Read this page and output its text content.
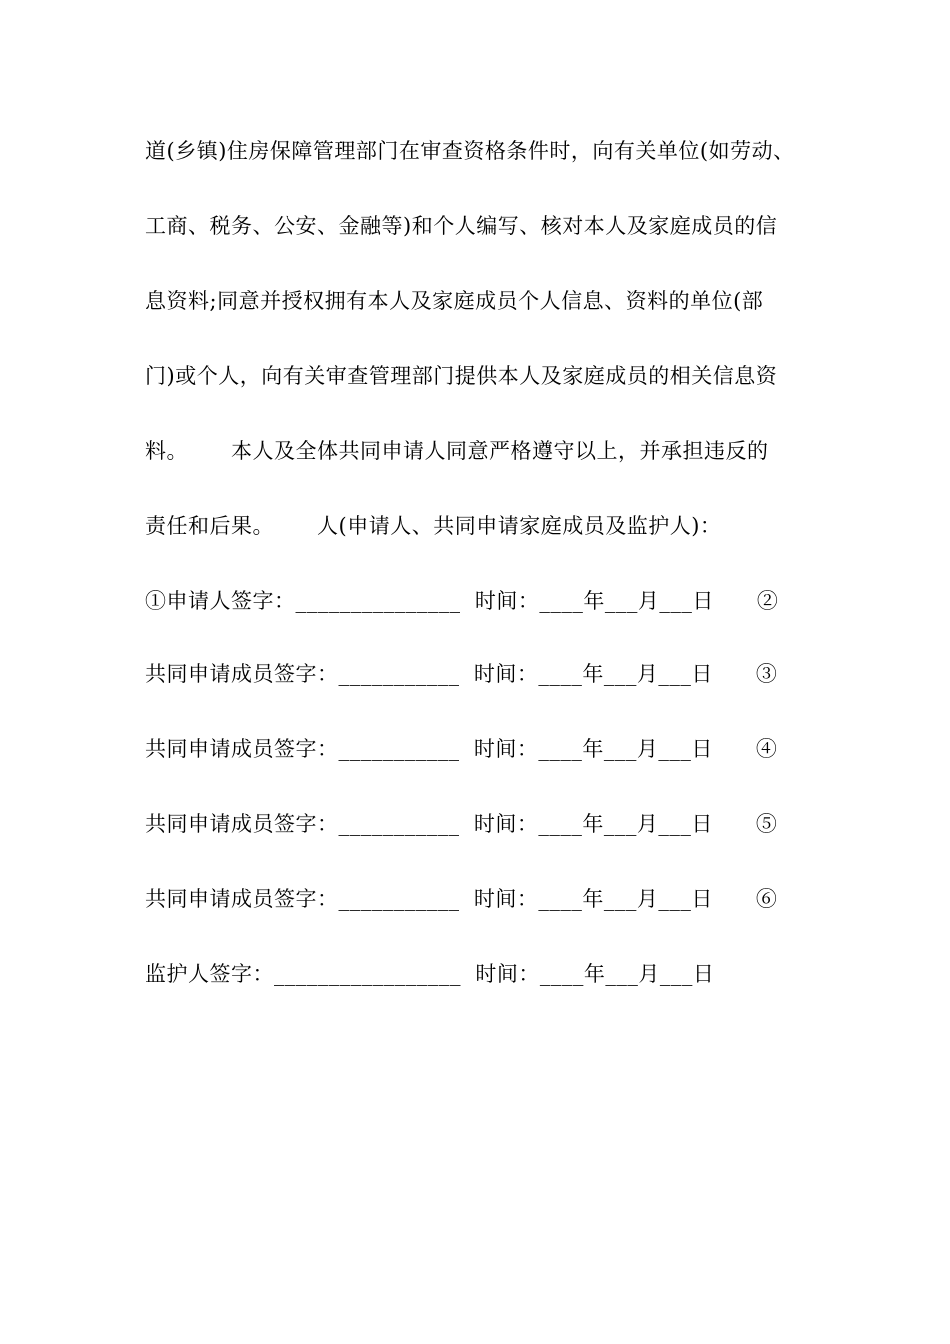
道(乡镇)住房保障管理部门在审查资格条件时，向有关单位(如劳动、
工商、税务、公安、金融等)和个人编写、核对本人及家庭成员的信
息资料;同意并授权拥有本人及家庭成员个人信息、资料的单位(部
门)或个人，向有关审查管理部门提供本人及家庭成员的相关信息资
料。      本人及全体共同申请人同意严格遵守以上，并承担违反的
责任和后果。      人(申请人、共同申请家庭成员及监护人)：
①申请人签字：_______________  时间：____年___月___日      ②
共同申请成员签字：___________  时间：____年___月___日      ③
共同申请成员签字：___________  时间：____年___月___日      ④
共同申请成员签字：___________  时间：____年___月___日      ⑤
共同申请成员签字：___________  时间：____年___月___日      ⑥
监护人签字：_________________  时间：____年___月___日
